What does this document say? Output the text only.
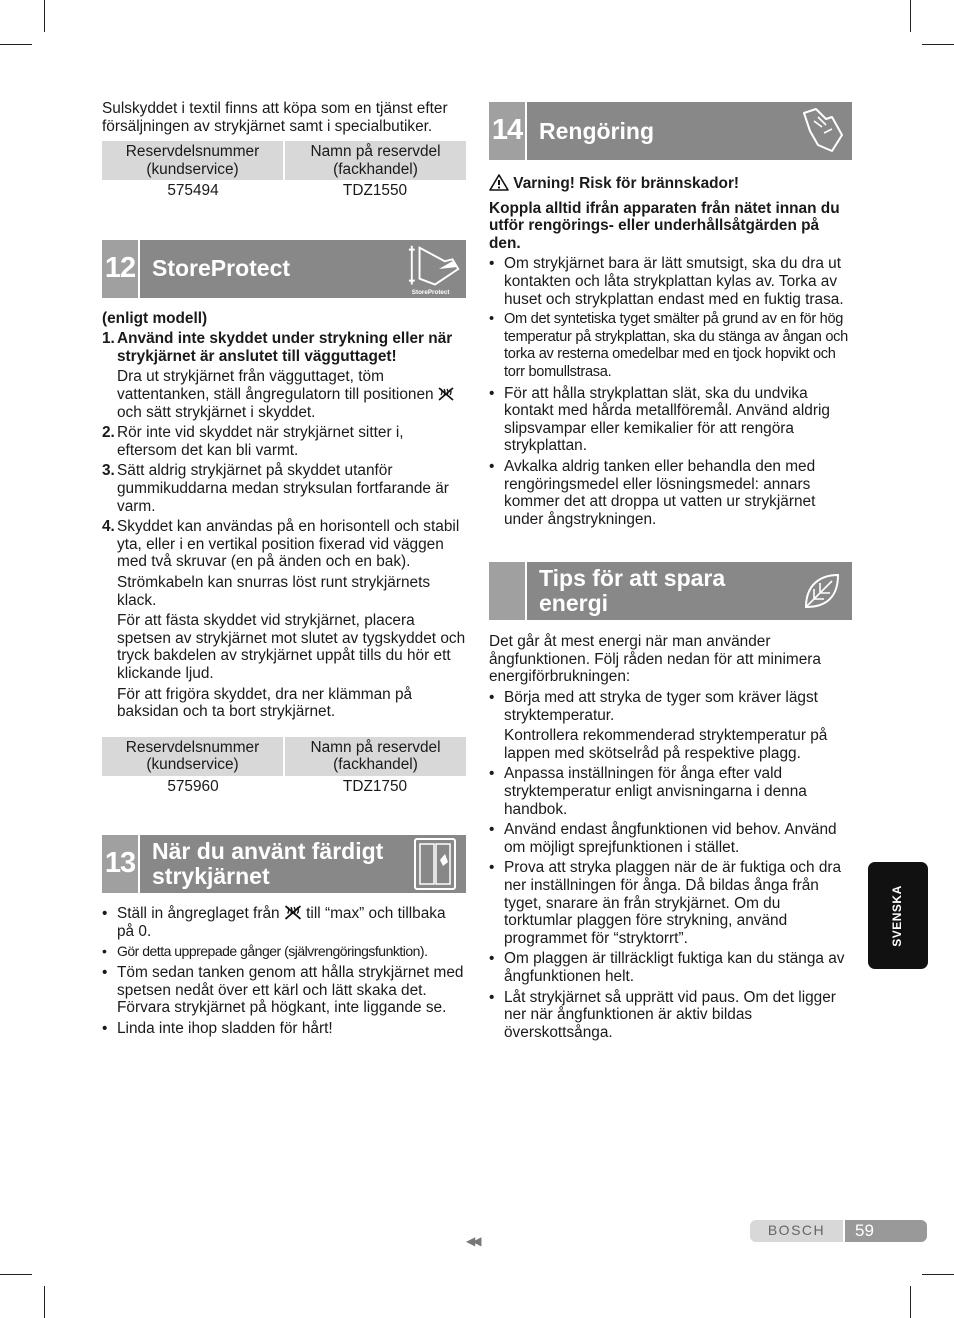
Sulskyddet i textil finns att köpa som en tjänst efter försäljningen av strykjärnet samt i specialbutiker.

Reservdelsnummer (kundservice)	Namn på reservdel (fackhandel)
575494	TDZ1550
12 StoreProtect
StoreProtect

(enligt modell)

1. Använd inte skyddet under strykning eller när strykjärnet är anslutet till vägguttaget!
Dra ut strykjärnet från vägguttaget, töm vattentanken, ställ ångregulatorn till positionen  och sätt strykjärnet i skyddet.
2. Rör inte vid skyddet när strykjärnet sitter i, eftersom det kan bli varmt.
3. Sätt aldrig strykjärnet på skyddet utanför gummikuddarna medan stryksulan fortfarande är varm.
4. Skyddet kan användas på en horisontell och stabil yta, eller i en vertikal position fixerad vid väggen med två skruvar (en på änden och en bak).

Strömkabeln kan snurras löst runt strykjärnets klack.

För att fästa skyddet vid strykjärnet, placera spetsen av strykjärnet mot slutet av tygskyddet och tryck bakdelen av strykjärnet uppåt tills du hör ett klickande ljud.

För att frigöra skyddet, dra ner klämman på baksidan och ta bort strykjärnet.

Reservdelsnummer (kundservice)	Namn på reservdel (fackhandel)
575960	TDZ1750
13 När du använt färdigt strykjärnet
• Ställ in ångreglaget från till “max” och tillbaka på 0.
• Gör detta upprepade gånger (självrengöringsfunktion).
• Töm sedan tanken genom att hålla strykjärnet med spetsen nedåt över ett kärl och lätt skaka det. Förvara strykjärnet på högkant, inte liggande se.
• Linda inte ihop sladden för hårt!
14 Rengöring

Varning! Risk för brännskador!

Koppla alltid ifrån apparaten från nätet innan du utför rengörings- eller underhållsåtgärden på den.

• Om strykjärnet bara är lätt smutsigt, ska du dra ut kontakten och låta strykplattan kylas av. Torka av huset och strykplattan endast med en fuktig trasa.
• Om det syntetiska tyget smälter på grund av en för hög temperatur på strykplattan, ska du stänga av ångan och torka av resterna omedelbar med en tjock hopvikt och torr bomullstrasa.
• För att hålla strykplattan slät, ska du undvika kontakt med hårda metallföremål. Använd aldrig slipsvampar eller kemikalier för att rengöra strykplattan.
• Avkalka aldrig tanken eller behandla den med rengöringsmedel eller lösningsmedel: annars kommer det att droppa ut vatten ur strykjärnet under ångstrykningen.
Tips för att spara energi

Det går åt mest energi när man använder ångfunktionen. Följ råden nedan för att minimera energiförbrukningen:

• Börja med att stryka de tyger som kräver lägst stryktemperatur.

Kontrollera rekommenderad stryktemperatur på lappen med skötselråd på respektive plagg.

• Anpassa inställningen för ånga efter vald stryktemperatur enligt anvisningarna i denna handbok.
• Använd endast ångfunktionen vid behov. Använd om möjligt sprejfunktionen i stället.
• Prova att stryka plaggen när de är fuktiga och dra ner inställningen för ånga. Då bildas ånga från tyget, snarare än från strykjärnet. Om du torktumlar plaggen före strykning, använd programmet för “stryktorrt”.
• Om plaggen är tillräckligt fuktiga kan du stänga av ångfunktionen helt.
• Låt strykjärnet så upprätt vid paus. Om det ligger ner när ångfunktionen är aktiv bildas överskottsånga.
SVENSKA
◀◀
BOSCH	59
